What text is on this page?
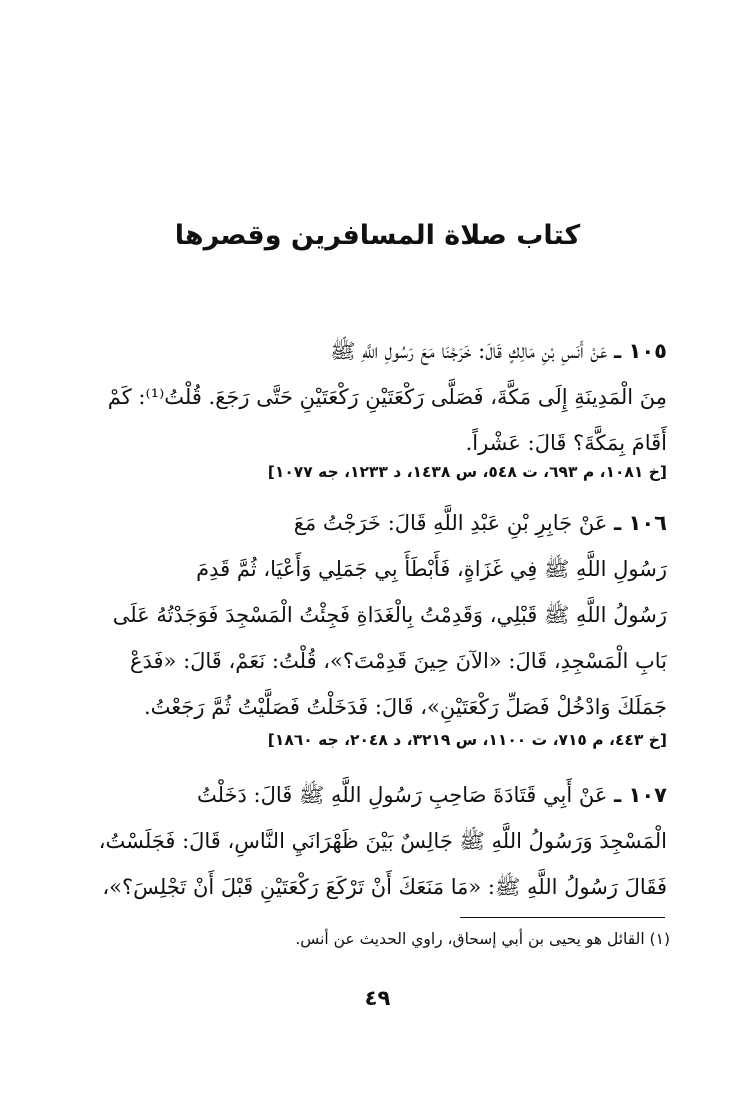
كتاب صلاة المسافرين وقصرها
١٠٥ ـ عَنْ أَنَسِ بْنِ مَالِكٍ قَالَ: خَرَجْنَا مَعَ رَسُولِ اللَّهِ ﷺ
مِنَ الْمَدِينَةِ إِلَى مَكَّةَ، فَصَلَّى رَكْعَتَيْنِ رَكْعَتَيْنِ حَتَّى رَجَعَ. قُلْتُ⁽¹⁾: كَمْ
أَقَامَ بِمَكَّةَ؟ قَالَ: عَشْراً.
[خ ١٠٨١، م ٦٩٣، ت ٥٤٨، س ١٤٣٨، د ١٢٣٣، جه ١٠٧٧]
١٠٦ ـ عَنْ جَابِرِ بْنِ عَبْدِ اللَّهِ قَالَ: خَرَجْتُ مَعَ
رَسُولِ اللَّهِ ﷺ فِي غَزَاةٍ، فَأَبْطَأَ بِي جَمَلِي وَأَعْيَا، ثُمَّ قَدِمَ
رَسُولُ اللَّهِ ﷺ قَبْلِي، وَقَدِمْتُ بِالْغَدَاةِ فَجِئْتُ الْمَسْجِدَ فَوَجَدْتُهُ عَلَى
بَابِ الْمَسْجِدِ، قَالَ: «الآنَ حِينَ قَدِمْتَ؟»، قُلْتُ: نَعَمْ، قَالَ: «فَدَعْ
جَمَلَكَ وَادْخُلْ فَصَلِّ رَكْعَتَيْنِ»، قَالَ: فَدَخَلْتُ فَصَلَّيْتُ ثُمَّ رَجَعْتُ.
[خ ٤٤٣، م ٧١٥، ت ١١٠٠، س ٣٢١٩، د ٢٠٤٨، جه ١٨٦٠]
١٠٧ ـ عَنْ أَبِي قَتَادَةَ صَاحِبِ رَسُولِ اللَّهِ ﷺ قَالَ: دَخَلْتُ
الْمَسْجِدَ وَرَسُولُ اللَّهِ ﷺ جَالِسٌ بَيْنَ ظَهْرَانَيِ النَّاسِ، قَالَ: فَجَلَسْتُ،
فَقَالَ رَسُولُ اللَّهِ ﷺ: «مَا مَنَعَكَ أَنْ تَرْكَعَ رَكْعَتَيْنِ قَبْلَ أَنْ تَجْلِسَ؟»،
(١) القائل هو يحيى بن أبي إسحاق، راوي الحديث عن أنس.
٤٩
